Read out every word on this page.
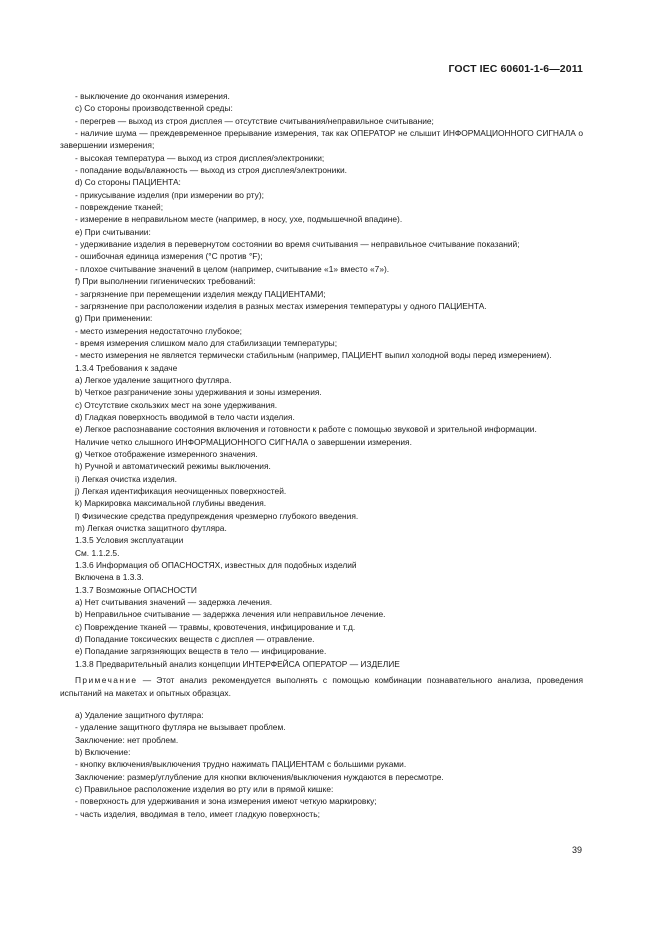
ГОСТ IEC 60601-1-6—2011

- выключение до окончания измерения.

c) Со стороны производственной среды:

- перегрев — выход из строя дисплея — отсутствие считывания/неправильное считывание;

- наличие шума — преждевременное прерывание измерения, так как ОПЕРАТОР не слышит ИНФОРМАЦИОННОГО СИГНАЛА о завершении измерения;

- высокая температура — выход из строя дисплея/электроники;

- попадание воды/влажность — выход из строя дисплея/электроники.

d) Со стороны ПАЦИЕНТА:

- прикусывание изделия (при измерении во рту);

- повреждение тканей;

- измерение в неправильном месте (например, в носу, ухе, подмышечной впадине).

e) При считывании:

- удерживание изделия в перевернутом состоянии во время считывания — неправильное считывание показаний;

- ошибочная единица измерения (°С против °F);

- плохое считывание значений в целом (например, считывание «1» вместо «7»).

f) При выполнении гигиенических требований:

- загрязнение при перемещении изделия между ПАЦИЕНТАМИ;

- загрязнение при расположении изделия в разных местах измерения температуры у одного ПАЦИЕНТА.

g) При применении:

- место измерения недостаточно глубокое;

- время измерения слишком мало для стабилизации температуры;

- место измерения не является термически стабильным (например, ПАЦИЕНТ выпил холодной воды перед измерением).

1.3.4 Требования к задаче

a) Легкое удаление защитного футляра.

b) Четкое разграничение зоны удерживания и зоны измерения.

c) Отсутствие скользких мест на зоне удерживания.

d) Гладкая поверхность вводимой в тело части изделия.

e) Легкое распознавание состояния включения и готовности к работе с помощью звуковой и зрительной информации.

Наличие четко слышного ИНФОРМАЦИОННОГО СИГНАЛА о завершении измерения.

g) Четкое отображение измеренного значения.

h) Ручной и автоматический режимы выключения.

i) Легкая очистка изделия.

j) Легкая идентификация неочищенных поверхностей.

k) Маркировка максимальной глубины введения.

l) Физические средства предупреждения чрезмерно глубокого введения.

m) Легкая очистка защитного футляра.

1.3.5 Условия эксплуатации

См. 1.1.2.5.

1.3.6 Информация об ОПАСНОСТЯХ, известных для подобных изделий

Включена в 1.3.3.

1.3.7 Возможные ОПАСНОСТИ

a) Нет считывания значений — задержка лечения.

b) Неправильное считывание — задержка лечения или неправильное лечение.

c) Повреждение тканей — травмы, кровотечения, инфицирование и т.д.

d) Попадание токсических веществ с дисплея — отравление.

e) Попадание загрязняющих веществ в тело — инфицирование.

1.3.8 Предварительный анализ концепции ИНТЕРФЕЙСА ОПЕРАТОР — ИЗДЕЛИЕ

Примечание — Этот анализ рекомендуется выполнять с помощью комбинации познавательного анализа, проведения испытаний на макетах и опытных образцах.

a) Удаление защитного футляра:

- удаление защитного футляра не вызывает проблем.

Заключение: нет проблем.

b) Включение:

- кнопку включения/выключения трудно нажимать ПАЦИЕНТАМ с большими руками.

Заключение: размер/углубление для кнопки включения/выключения нуждаются в пересмотре.

c) Правильное расположение изделия во рту или в прямой кишке:

- поверхность для удерживания и зона измерения имеют четкую маркировку;

- часть изделия, вводимая в тело, имеет гладкую поверхность;

39
